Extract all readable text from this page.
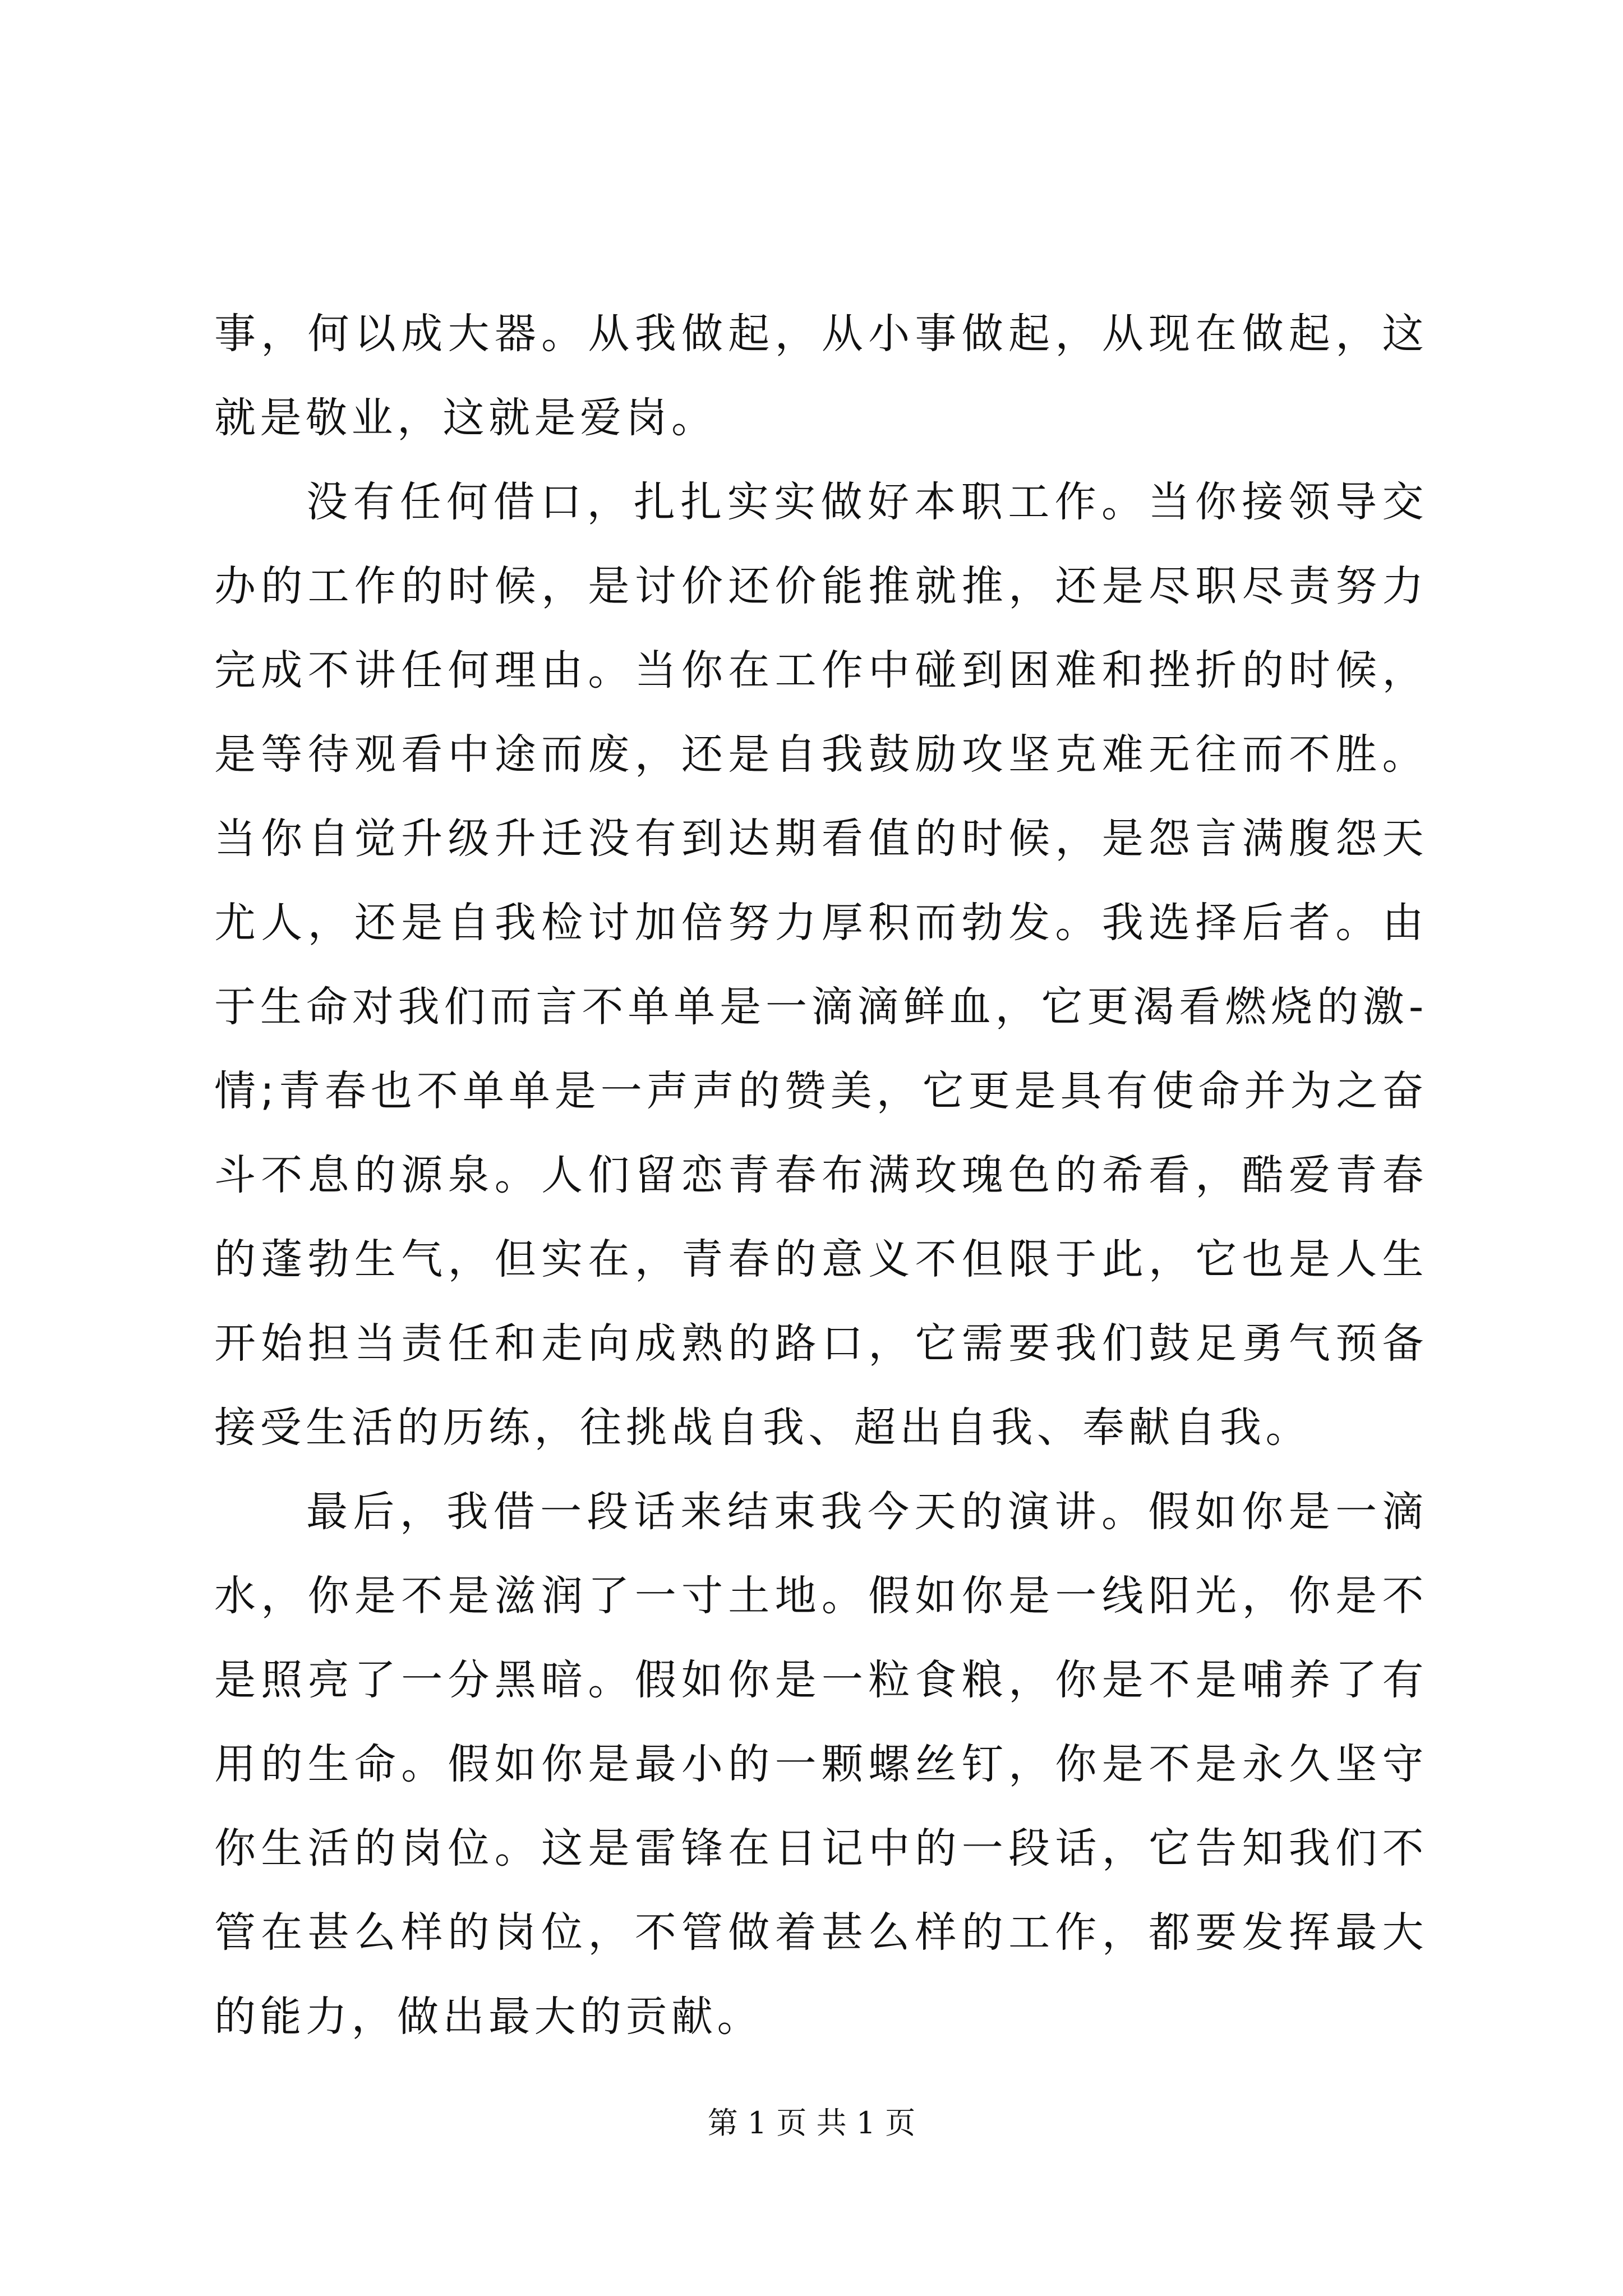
事，何以成大器。从我做起，从小事做起，从现在做起，这就是敬业，这就是爱岗。

没有任何借口，扎扎实实做好本职工作。当你接领导交办的工作的时候，是讨价还价能推就推，还是尽职尽责努力完成不讲任何理由。当你在工作中碰到困难和挫折的时候，是等待观看中途而废，还是自我鼓励攻坚克难无往而不胜。当你自觉升级升迁没有到达期看值的时候，是怨言满腹怨天尤人，还是自我检讨加倍努力厚积而勃发。我选择后者。由于生命对我们而言不单单是一滴滴鲜血，它更渴看燃烧的激-情;青春也不单单是一声声的赞美，它更是具有使命并为之奋斗不息的源泉。人们留恋青春布满玫瑰色的希看，酷爱青春的蓬勃生气，但实在，青春的意义不但限于此，它也是人生开始担当责任和走向成熟的路口，它需要我们鼓足勇气预备接受生活的历练，往挑战自我、超出自我、奉献自我。

最后，我借一段话来结束我今天的演讲。假如你是一滴水，你是不是滋润了一寸土地。假如你是一线阳光，你是不是照亮了一分黑暗。假如你是一粒食粮，你是不是哺养了有用的生命。假如你是最小的一颗螺丝钉，你是不是永久坚守你生活的岗位。这是雷锋在日记中的一段话，它告知我们不管在甚么样的岗位，不管做着甚么样的工作，都要发挥最大的能力，做出最大的贡献。

第 1 页 共 1 页
